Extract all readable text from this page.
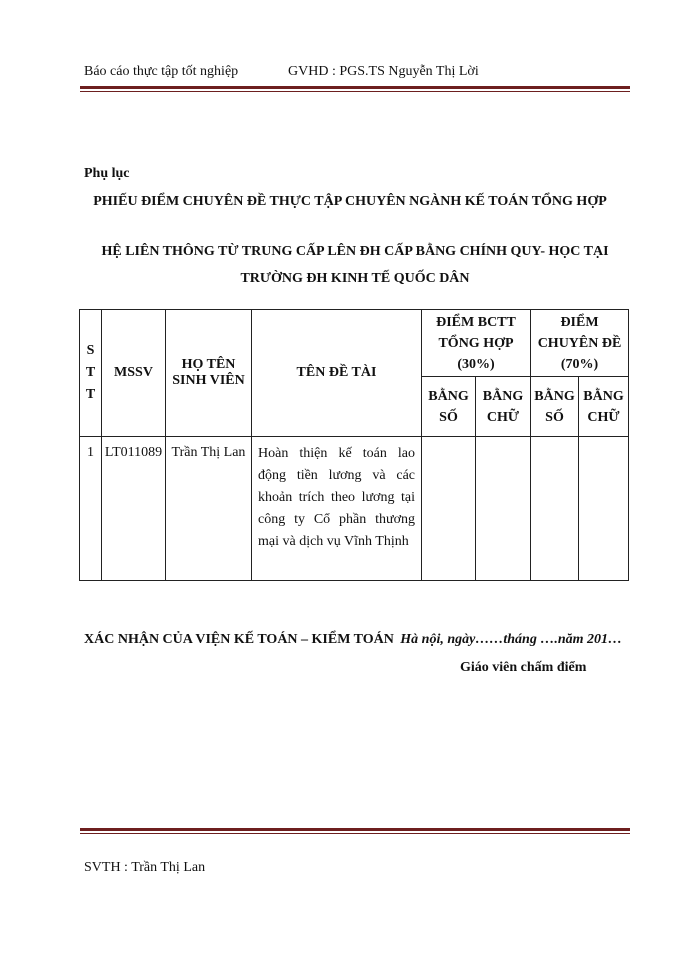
Báo cáo thực tập tốt nghiệp	GVHD : PGS.TS Nguyễn Thị Lời
Phụ lục
PHIẾU ĐIỂM CHUYÊN ĐỀ THỰC TẬP CHUYÊN NGÀNH KẾ TOÁN TỔNG HỢP
HỆ LIÊN THÔNG TỪ TRUNG CẤP LÊN ĐH CẤP BẰNG CHÍNH QUY- HỌC TẠI TRƯỜNG ĐH KINH TẾ QUỐC DÂN
S
T
T	MSSV	HỌ TÊN SINH VIÊN	TÊN ĐỀ TÀI	ĐIỂM BCTT TỔNG HỢP (30%)		ĐIỂM CHUYÊN ĐỀ (70%)	
				BẰNG SỐ	BẰNG CHỮ	BẰNG SỐ	BẰNG CHỮ
1	LT011089	Trần Thị Lan	Hoàn thiện kế toán lao động tiền lương và các khoản trích theo lương tại công ty Cổ phần thương mại và dịch vụ Vĩnh Thịnh				
XÁC NHẬN CỦA VIỆN KẾ TOÁN – KIỂM TOÁN Hà nội, ngày……tháng ….năm 201…
Giáo viên chấm điểm
SVTH : Trần Thị Lan
